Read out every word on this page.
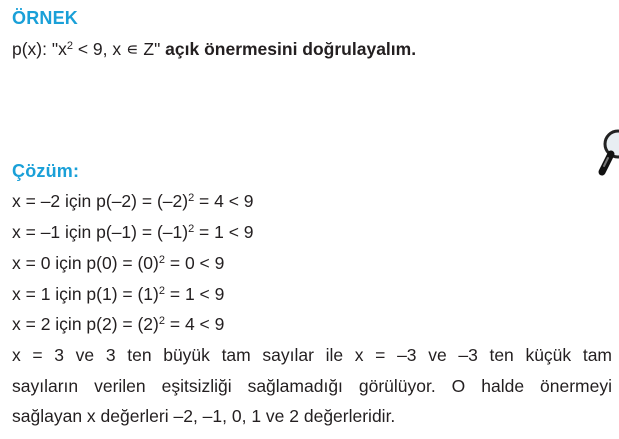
ÖRNEK
p(x): "$x^2 < 9$, x ∊ Z" açık önermesini doğrulayalım.
Çözüm:
x = –2 için $p(-2) = (-2)^2 = 4 < 9$
x = –1 için $p(-1) = (-1)^2 = 1 < 9$
x = 0 için $p(0) = (0)^2 = 0 < 9$
x = 1 için $p(1) = (1)^2 = 1 < 9$
x = 2 için $p(2) = (2)^2 = 4 < 9$
x = 3 ve 3 ten büyük tam sayılar ile x = –3 ve –3 ten küçük tam
sayıların verilen eşitsizliği sağlamadığı görülüyor. O halde önermeyi
sağlayan x değerleri –2, –1, 0, 1 ve 2 değerleridir.
